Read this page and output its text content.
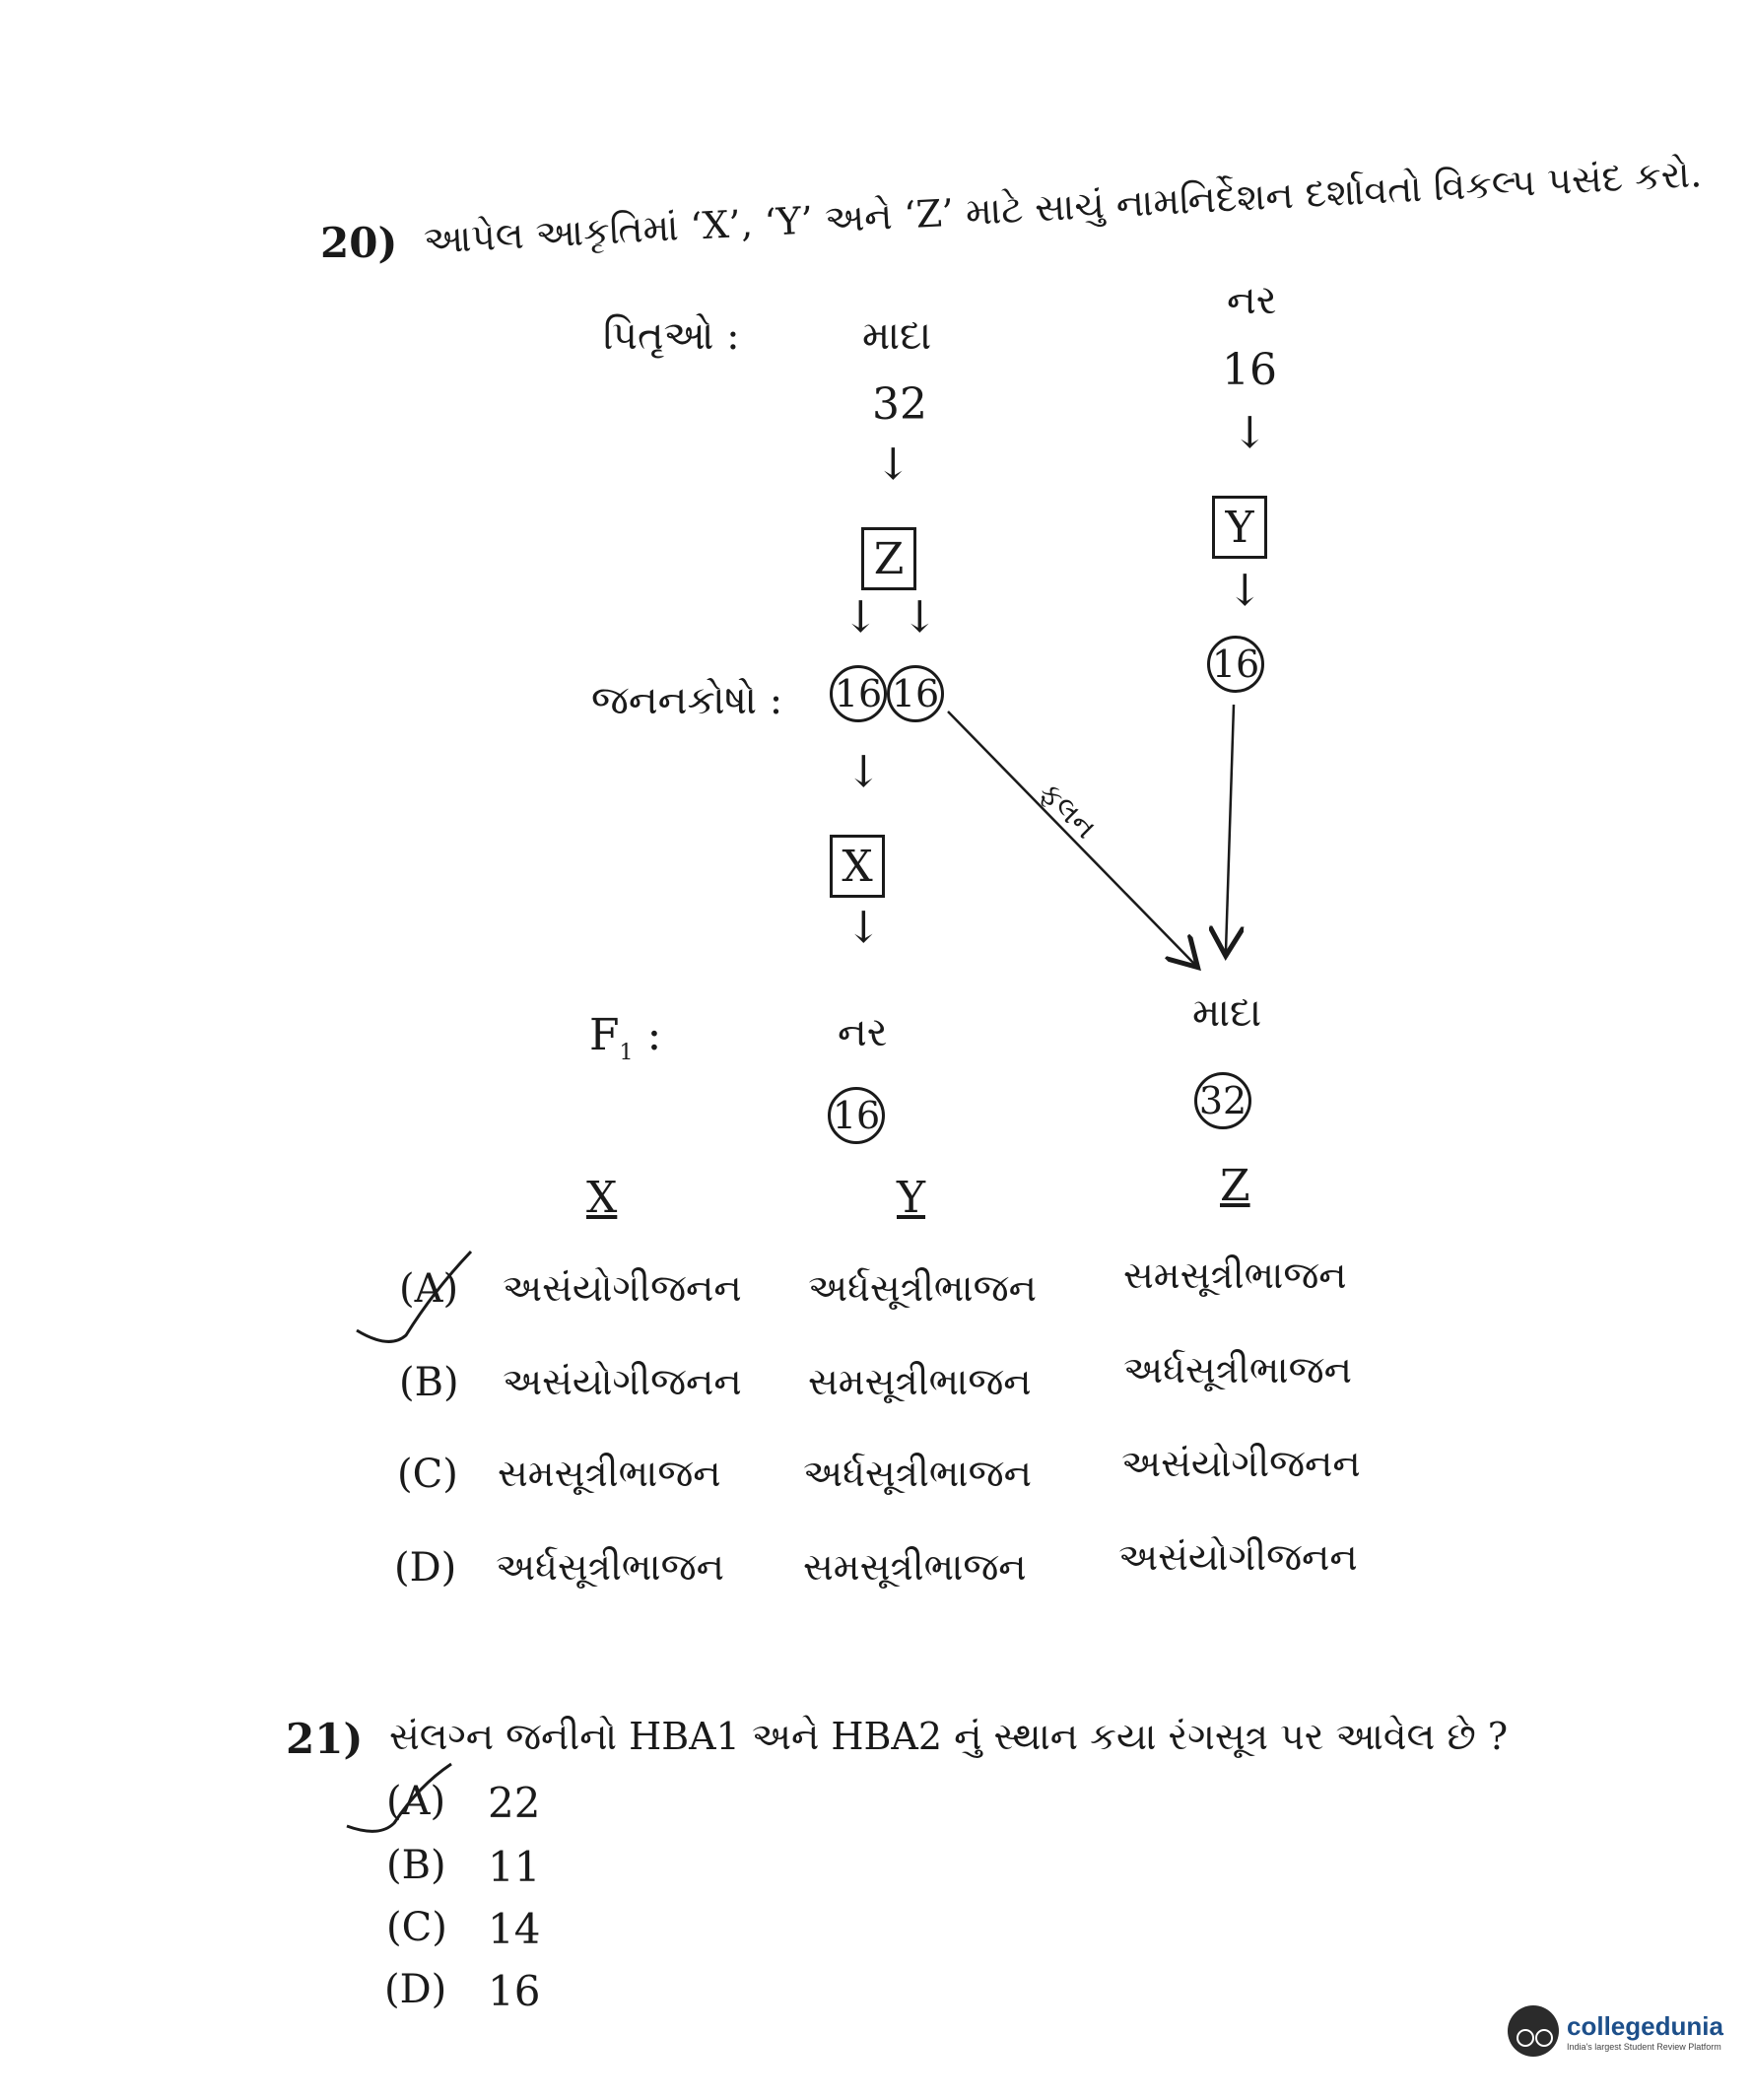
20) આપેલ આકૃતિમાં ‘X’, ‘Y’ અને ‘Z’ માટે સાચું નામનિર્દેશન દર્શાવતો વિકલ્પ પસંદ કરો.
પિતૃઓ :	માદા
32
નર
16
↓
Z
↓ ↓
↓
Y
↓
જનનકોષો : 16 16
16
ફલન
↓
X
↓
$F_1$ :	નર
16
માદા
32
X	Y	Z
(A) અસંયોગીજનન અર્ધસૂત્રીભાજન સમસૂત્રીભાજન
(B) અસંયોગીજનન સમસૂત્રીભાજન અર્ધસૂત્રીભાજન
(C) સમસૂત્રીભાજન અર્ધસૂત્રીભાજન અસંયોગીજનન
(D) અર્ધસૂત્રીભાજન સમસૂત્રીભાજન અસંયોગીજનન
21) સંલગ્ન જનીનો HBA1 અને HBA2 નું સ્થાન કયા રંગસૂત્ર પર આવેલ છે ?
(A) 22
(B) 11
(C) 14
(D) 16
collegedunia
India's largest Student Review Platform
